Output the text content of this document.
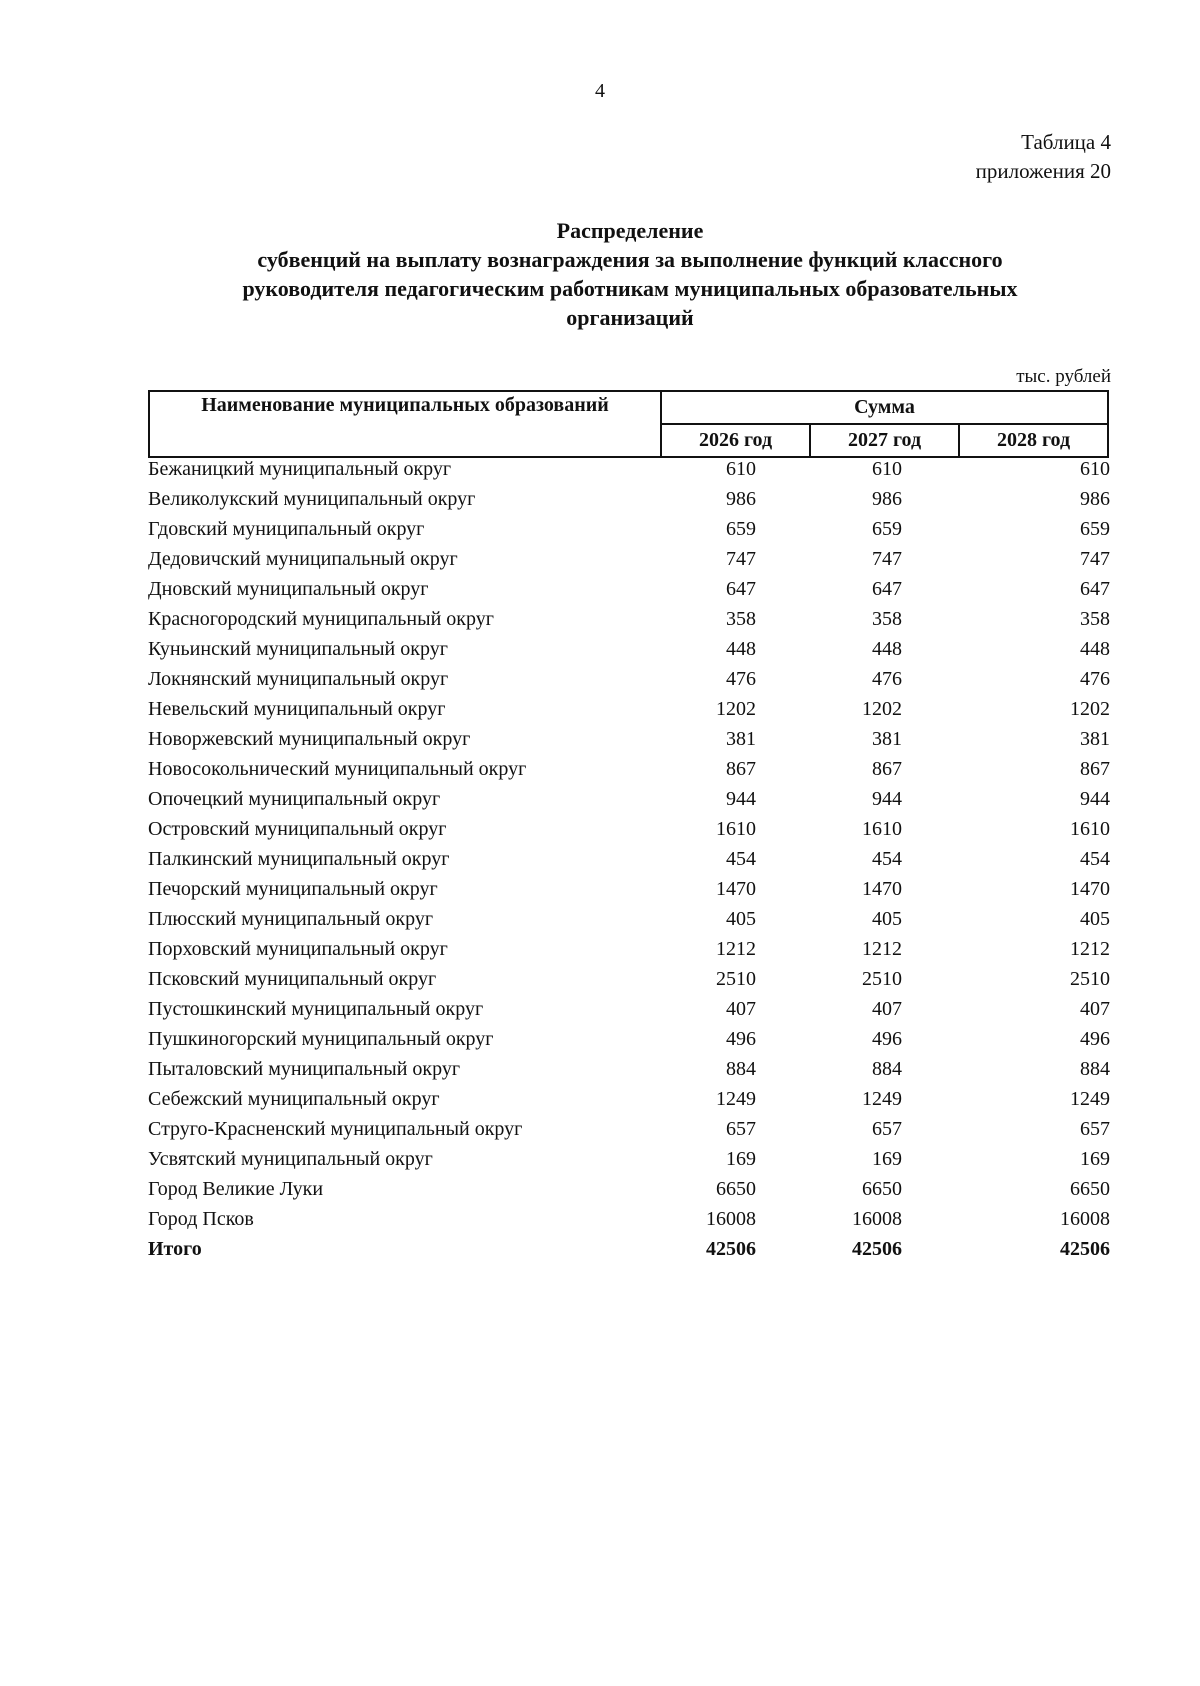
4
Таблица 4
приложения 20
Распределение
субвенций на выплату вознаграждения за выполнение функций классного
руководителя педагогическим работникам муниципальных образовательных
организаций
тыс. рублей
Наименование муниципальных образований	Сумма		
	2026 год	2027 год	2028 год
Бежаницкий муниципальный округ	610	610	610
Великолукский муниципальный округ	986	986	986
Гдовский муниципальный округ	659	659	659
Дедовичский муниципальный округ	747	747	747
Дновский муниципальный округ	647	647	647
Красногородский муниципальный округ	358	358	358
Куньинский муниципальный округ	448	448	448
Локнянский муниципальный округ	476	476	476
Невельский муниципальный округ	1202	1202	1202
Новоржевский муниципальный округ	381	381	381
Новосокольнический муниципальный округ	867	867	867
Опочецкий муниципальный округ	944	944	944
Островский муниципальный округ	1610	1610	1610
Палкинский муниципальный округ	454	454	454
Печорский муниципальный округ	1470	1470	1470
Плюсский муниципальный округ	405	405	405
Порховский муниципальный округ	1212	1212	1212
Псковский муниципальный округ	2510	2510	2510
Пустошкинский муниципальный округ	407	407	407
Пушкиногорский муниципальный округ	496	496	496
Пыталовский муниципальный округ	884	884	884
Себежский муниципальный округ	1249	1249	1249
Струго-Красненский муниципальный округ	657	657	657
Усвятский муниципальный округ	169	169	169
Город Великие Луки	6650	6650	6650
Город Псков	16008	16008	16008
Итого	42506	42506	42506
